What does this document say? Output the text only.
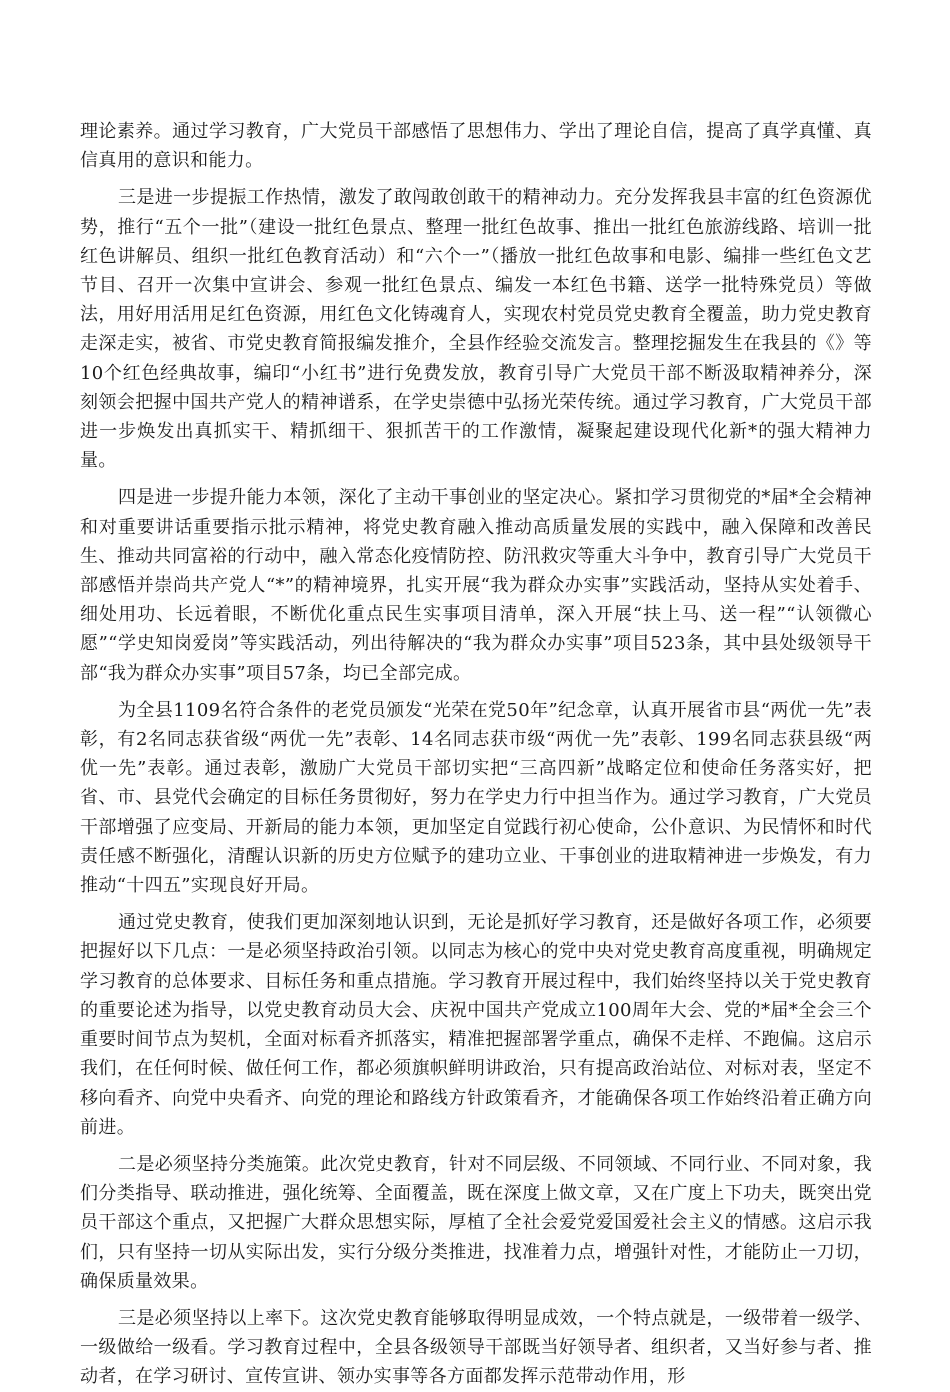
理论素养。通过学习教育，广大党员干部感悟了思想伟力、学出了理论自信，提高了真学真懂、真信真用的意识和能力。

三是进一步提振工作热情，激发了敢闯敢创敢干的精神动力。充分发挥我县丰富的红色资源优势，推行“五个一批”（建设一批红色景点、整理一批红色故事、推出一批红色旅游线路、培训一批红色讲解员、组织一批红色教育活动）和“六个一”（播放一批红色故事和电影、编排一些红色文艺节目、召开一次集中宣讲会、参观一批红色景点、编发一本红色书籍、送学一批特殊党员）等做法，用好用活用足红色资源，用红色文化铸魂育人，实现农村党员党史教育全覆盖，助力党史教育走深走实，被省、市党史教育简报编发推介，全县作经验交流发言。整理挖掘发生在我县的《》等10个红色经典故事，编印“小红书”进行免费发放，教育引导广大党员干部不断汲取精神养分，深刻领会把握中国共产党人的精神谱系，在学史崇德中弘扬光荣传统。通过学习教育，广大党员干部进一步焕发出真抓实干、精抓细干、狠抓苦干的工作激情，凝聚起建设现代化新*的强大精神力量。

四是进一步提升能力本领，深化了主动干事创业的坚定决心。紧扣学习贯彻党的*届*全会精神和对重要讲话重要指示批示精神，将党史教育融入推动高质量发展的实践中，融入保障和改善民生、推动共同富裕的行动中，融入常态化疫情防控、防汛救灾等重大斗争中，教育引导广大党员干部感悟并崇尚共产党人“*”的精神境界，扎实开展“我为群众办实事”实践活动，坚持从实处着手、细处用功、长远着眼，不断优化重点民生实事项目清单，深入开展“扶上马、送一程”“认领微心愿”“学史知岗爱岗”等实践活动，列出待解决的“我为群众办实事”项目523条，其中县处级领导干部“我为群众办实事”项目57条，均已全部完成。

为全县1109名符合条件的老党员颁发“光荣在党50年”纪念章，认真开展省市县“两优一先”表彰，有2名同志获省级“两优一先”表彰、14名同志获市级“两优一先”表彰、199名同志获县级“两优一先”表彰。通过表彰，激励广大党员干部切实把“三高四新”战略定位和使命任务落实好，把省、市、县党代会确定的目标任务贯彻好，努力在学史力行中担当作为。通过学习教育，广大党员干部增强了应变局、开新局的能力本领，更加坚定自觉践行初心使命，公仆意识、为民情怀和时代责任感不断强化，清醒认识新的历史方位赋予的建功立业、干事创业的进取精神进一步焕发，有力推动“十四五”实现良好开局。

通过党史教育，使我们更加深刻地认识到，无论是抓好学习教育，还是做好各项工作，必须要把握好以下几点：一是必须坚持政治引领。以同志为核心的党中央对党史教育高度重视，明确规定学习教育的总体要求、目标任务和重点措施。学习教育开展过程中，我们始终坚持以关于党史教育的重要论述为指导，以党史教育动员大会、庆祝中国共产党成立100周年大会、党的*届*全会三个重要时间节点为契机，全面对标看齐抓落实，精准把握部署学重点，确保不走样、不跑偏。这启示我们，在任何时候、做任何工作，都必须旗帜鲜明讲政治，只有提高政治站位、对标对表，坚定不移向看齐、向党中央看齐、向党的理论和路线方针政策看齐，才能确保各项工作始终沿着正确方向前进。

二是必须坚持分类施策。此次党史教育，针对不同层级、不同领域、不同行业、不同对象，我们分类指导、联动推进，强化统筹、全面覆盖，既在深度上做文章，又在广度上下功夫，既突出党员干部这个重点，又把握广大群众思想实际，厚植了全社会爱党爱国爱社会主义的情感。这启示我们，只有坚持一切从实际出发，实行分级分类推进，找准着力点，增强针对性，才能防止一刀切，确保质量效果。

三是必须坚持以上率下。这次党史教育能够取得明显成效，一个特点就是，一级带着一级学、一级做给一级看。学习教育过程中，全县各级领导干部既当好领导者、组织者，又当好参与者、推动者，在学习研讨、宣传宣讲、领办实事等各方面都发挥示范带动作用，形
